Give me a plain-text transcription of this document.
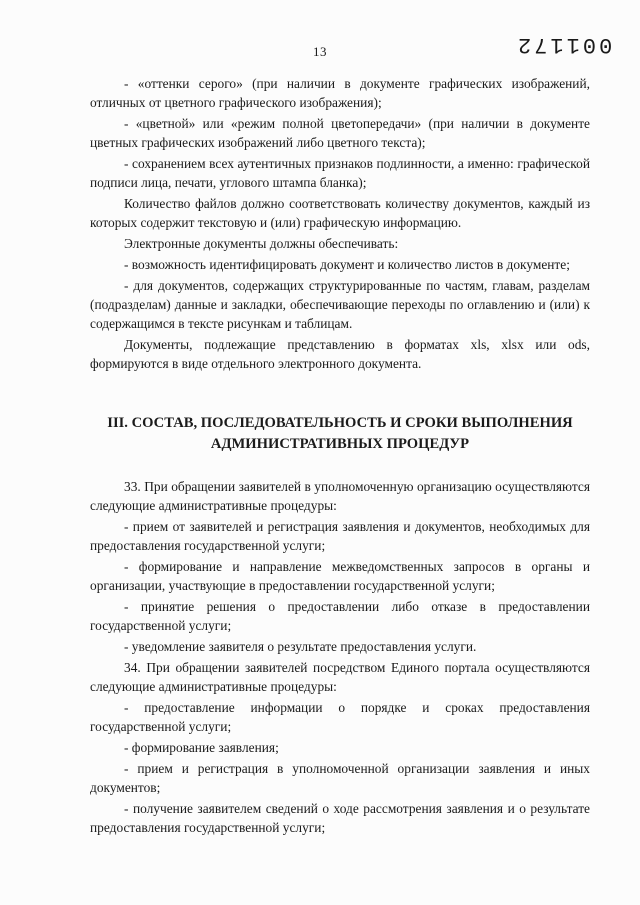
13	001172

- «оттенки серого» (при наличии в документе графических изображений, отличных от цветного графического изображения);

- «цветной» или «режим полной цветопередачи» (при наличии в документе цветных графических изображений либо цветного текста);

- сохранением всех аутентичных признаков подлинности, а именно: графической подписи лица, печати, углового штампа бланка);

Количество файлов должно соответствовать количеству документов, каждый из которых содержит текстовую и (или) графическую информацию.

Электронные документы должны обеспечивать:

- возможность идентифицировать документ и количество листов в документе;

- для документов, содержащих структурированные по частям, главам, разделам (подразделам) данные и закладки, обеспечивающие переходы по оглавлению и (или) к содержащимся в тексте рисункам и таблицам.

Документы, подлежащие представлению в форматах xls, xlsx или ods, формируются в виде отдельного электронного документа.

III. СОСТАВ, ПОСЛЕДОВАТЕЛЬНОСТЬ И СРОКИ ВЫПОЛНЕНИЯ
АДМИНИСТРАТИВНЫХ ПРОЦЕДУР

33. При обращении заявителей в уполномоченную организацию осуществляются следующие административные процедуры:

- прием от заявителей и регистрация заявления и документов, необходимых для предоставления государственной услуги;

- формирование и направление межведомственных запросов в органы и организации, участвующие в предоставлении государственной услуги;

- принятие решения о предоставлении либо отказе в предоставлении государственной услуги;

- уведомление заявителя о результате предоставления услуги.

34. При обращении заявителей посредством Единого портала осуществляются следующие административные процедуры:

- предоставление информации о порядке и сроках предоставления государственной услуги;

- формирование заявления;

- прием и регистрация в уполномоченной организации заявления и иных документов;

- получение заявителем сведений о ходе рассмотрения заявления и о результате предоставления государственной услуги;
